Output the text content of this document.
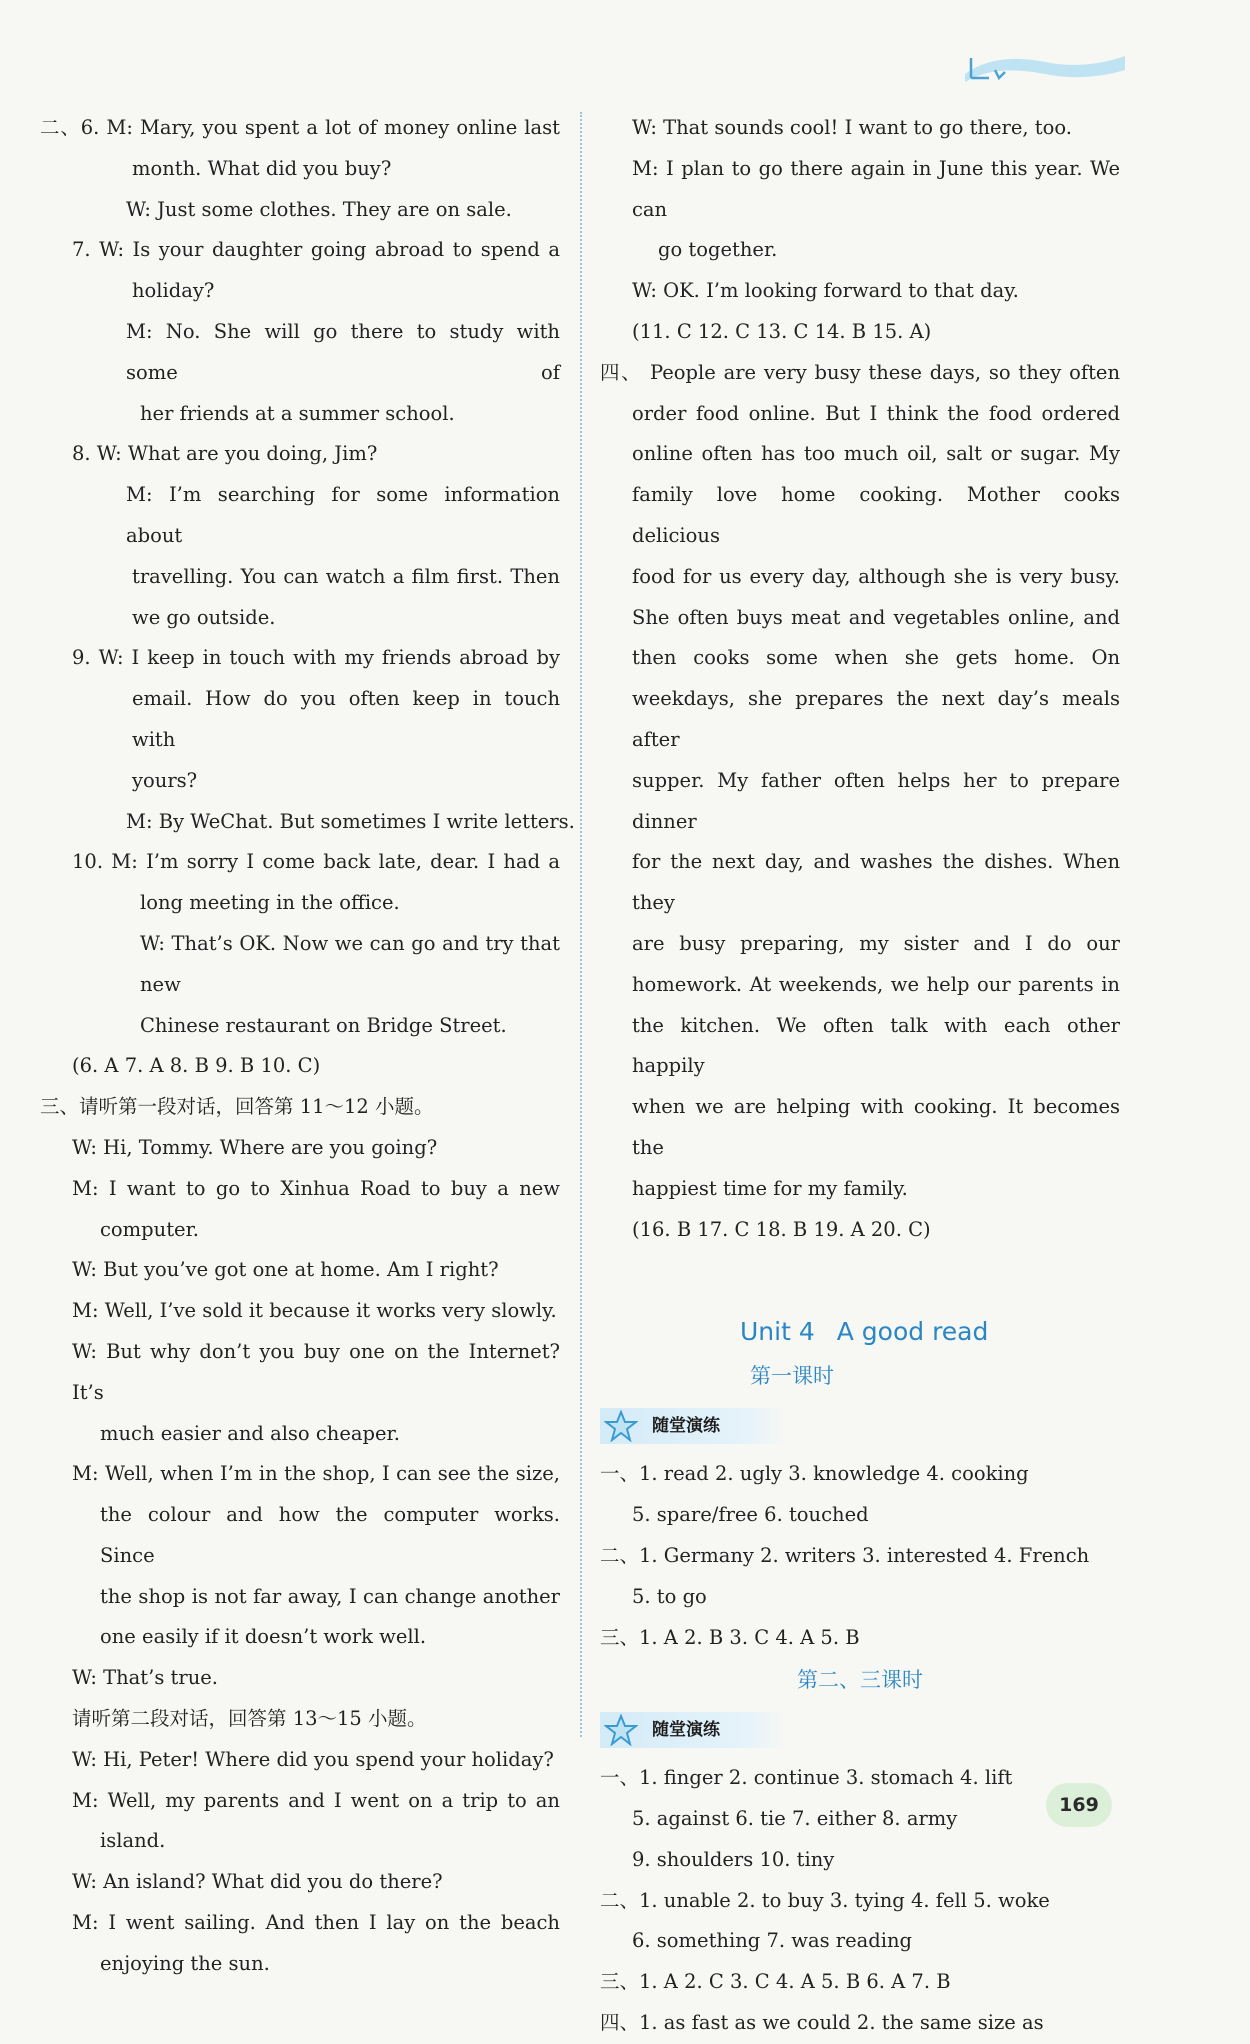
二、6. M: Mary, you spent a lot of money online last
month. What did you buy?
W: Just some clothes. They are on sale.
7. W: Is your daughter going abroad to spend a
holiday?
M: No. She will go there to study with some of
her friends at a summer school.
8. W: What are you doing, Jim?
M: I’m searching for some information about
travelling. You can watch a film first. Then
we go outside.
9. W: I keep in touch with my friends abroad by
email. How do you often keep in touch with
yours?
M: By WeChat. But sometimes I write letters.
10. M: I’m sorry I come back late, dear. I had a
long meeting in the office.
W: That’s OK. Now we can go and try that new
Chinese restaurant on Bridge Street.
(6. A 7. A 8. B 9. B 10. C)
三、请听第一段对话，回答第 11～12 小题。
W: Hi, Tommy. Where are you going?
M: I want to go to Xinhua Road to buy a new
computer.
W: But you’ve got one at home. Am I right?
M: Well, I’ve sold it because it works very slowly.
W: But why don’t you buy one on the Internet? It’s
much easier and also cheaper.
M: Well, when I’m in the shop, I can see the size,
the colour and how the computer works. Since
the shop is not far away, I can change another
one easily if it doesn’t work well.
W: That’s true.
请听第二段对话，回答第 13～15 小题。
W: Hi, Peter! Where did you spend your holiday?
M: Well, my parents and I went on a trip to an
island.
W: An island? What did you do there?
M: I went sailing. And then I lay on the beach
enjoying the sun.
W: That sounds cool! I want to go there, too.
M: I plan to go there again in June this year. We can
go together.
W: OK. I’m looking forward to that day.
(11. C 12. C 13. C 14. B 15. A)
四、 People are very busy these days, so they often
order food online. But I think the food ordered
online often has too much oil, salt or sugar. My
family love home cooking. Mother cooks delicious
food for us every day, although she is very busy.
She often buys meat and vegetables online, and
then cooks some when she gets home. On
weekdays, she prepares the next day’s meals after
supper. My father often helps her to prepare dinner
for the next day, and washes the dishes. When they
are busy preparing, my sister and I do our
homework. At weekends, we help our parents in
the kitchen. We often talk with each other happily
when we are helping with cooking. It becomes the
happiest time for my family.
(16. B 17. C 18. B 19. A 20. C)
Unit 4 A good read
第一课时
随堂演练
一、1. read 2. ugly 3. knowledge 4. cooking
5. spare/free 6. touched
二、1. Germany 2. writers 3. interested 4. French
5. to go
三、1. A 2. B 3. C 4. A 5. B
第二、三课时
随堂演练
一、1. finger 2. continue 3. stomach 4. lift
5. against 6. tie 7. either 8. army
9. shoulders 10. tiny
二、1. unable 2. to buy 3. tying 4. fell 5. woke
6. something 7. was reading
三、1. A 2. C 3. C 4. A 5. B 6. A 7. B
四、1. as fast as we could 2. the same size as
169
